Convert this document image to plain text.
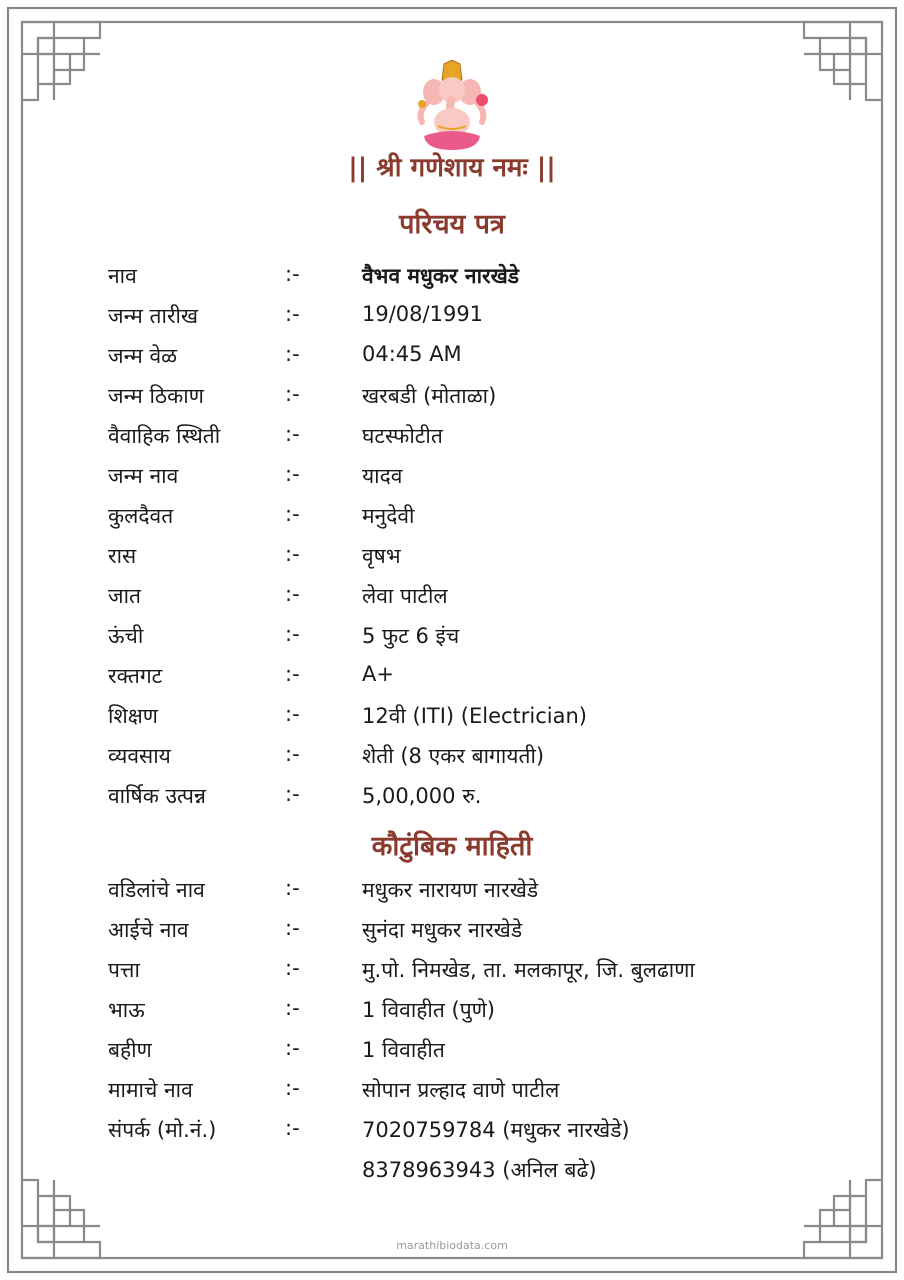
|| श्री गणेशाय नमः ||
परिचय पत्र
नाव	:-	वैभव मधुकर नारखेडे
जन्म तारीख	:-	19/08/1991
जन्म वेळ	:-	04:45 AM
जन्म ठिकाण	:-	खरबडी (मोताळा)
वैवाहिक स्थिती	:-	घटस्फोटीत
जन्म नाव	:-	यादव
कुलदैवत	:-	मनुदेवी
रास	:-	वृषभ
जात	:-	लेवा पाटील
ऊंची	:-	5 फुट 6 इंच
रक्तगट	:-	A+
शिक्षण	:-	12वी (ITI) (Electrician)
व्यवसाय	:-	शेती (8 एकर बागायती)
वार्षिक उत्पन्न	:-	5,00,000 रु.
कौटुंबिक माहिती
वडिलांचे नाव	:-	मधुकर नारायण नारखेडे
आईचे नाव	:-	सुनंदा मधुकर नारखेडे
पत्ता	:-	मु.पो. निमखेड, ता. मलकापूर, जि. बुलढाणा
भाऊ	:-	1 विवाहीत (पुणे)
बहीण	:-	1 विवाहीत
मामाचे नाव	:-	सोपान प्रल्हाद वाणे पाटील
संपर्क (मो.नं.)	:-	7020759784 (मधुकर नारखेडे)
8378963943 (अनिल बढे)
marathibiodata.com
